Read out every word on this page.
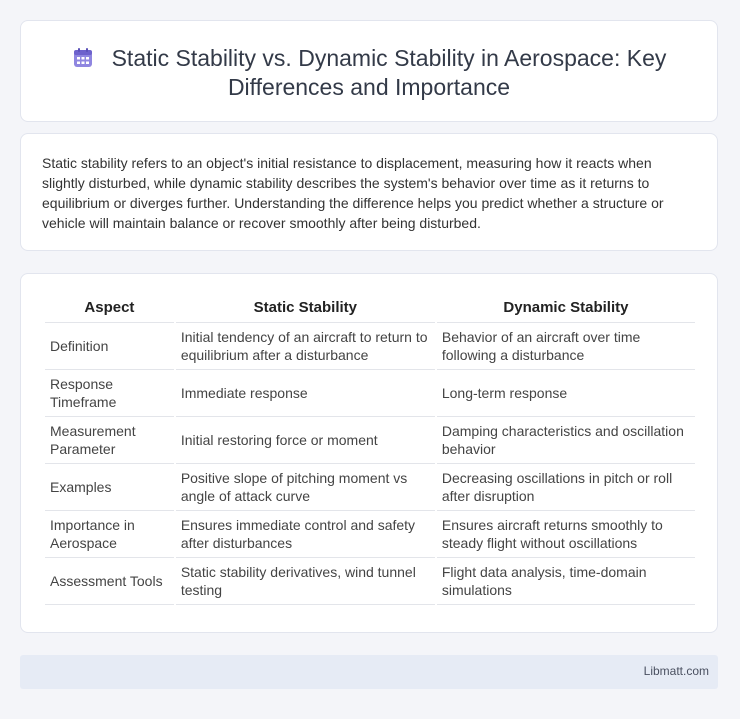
Static Stability vs. Dynamic Stability in Aerospace: Key Differences and Importance
Static stability refers to an object's initial resistance to displacement, measuring how it reacts when slightly disturbed, while dynamic stability describes the system's behavior over time as it returns to equilibrium or diverges further. Understanding the difference helps you predict whether a structure or vehicle will maintain balance or recover smoothly after being disturbed.
Aspect	Static Stability	Dynamic Stability
Definition	Initial tendency of an aircraft to return to equilibrium after a disturbance	Behavior of an aircraft over time following a disturbance
Response Timeframe	Immediate response	Long-term response
Measurement Parameter	Initial restoring force or moment	Damping characteristics and oscillation behavior
Examples	Positive slope of pitching moment vs angle of attack curve	Decreasing oscillations in pitch or roll after disruption
Importance in Aerospace	Ensures immediate control and safety after disturbances	Ensures aircraft returns smoothly to steady flight without oscillations
Assessment Tools	Static stability derivatives, wind tunnel testing	Flight data analysis, time-domain simulations
Libmatt.com
